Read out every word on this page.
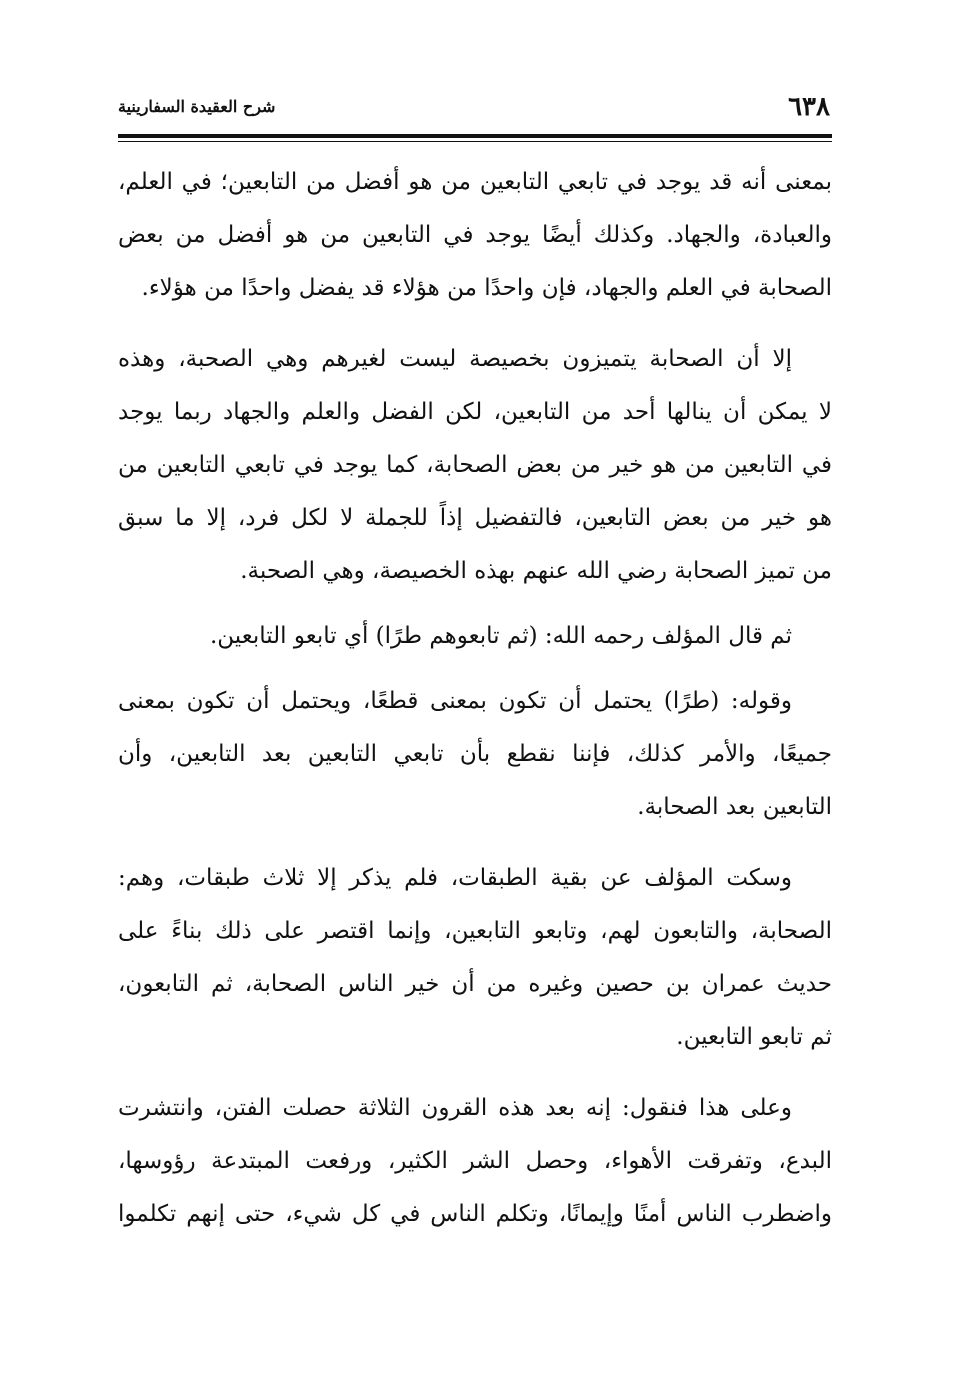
٦٣٨
شرح العقيدة السفارينية
بمعنى أنه قد يوجد في تابعي التابعين من هو أفضل من التابعين؛ في العلم،
والعبادة، والجهاد. وكذلك أيضًا يوجد في التابعين من هو أفضل من بعض
الصحابة في العلم والجهاد، فإن واحدًا من هؤلاء قد يفضل واحدًا من هؤلاء.
إلا أن الصحابة يتميزون بخصيصة ليست لغيرهم وهي الصحبة، وهذه
لا يمكن أن ينالها أحد من التابعين، لكن الفضل والعلم والجهاد ربما يوجد
في التابعين من هو خير من بعض الصحابة، كما يوجد في تابعي التابعين من
هو خير من بعض التابعين، فالتفضيل إذاً للجملة لا لكل فرد، إلا ما سبق
من تميز الصحابة رضي الله عنهم بهذه الخصيصة، وهي الصحبة.
ثم قال المؤلف رحمه الله: (ثم تابعوهم طرًا) أي تابعو التابعين.
وقوله: (طرًا) يحتمل أن تكون بمعنى قطعًا، ويحتمل أن تكون بمعنى
جميعًا، والأمر كذلك، فإننا نقطع بأن تابعي التابعين بعد التابعين، وأن
التابعين بعد الصحابة.
وسكت المؤلف عن بقية الطبقات، فلم يذكر إلا ثلاث طبقات، وهم:
الصحابة، والتابعون لهم، وتابعو التابعين، وإنما اقتصر على ذلك بناءً على
حديث عمران بن حصين وغيره من أن خير الناس الصحابة، ثم التابعون،
ثم تابعو التابعين.
وعلى هذا فنقول: إنه بعد هذه القرون الثلاثة حصلت الفتن، وانتشرت
البدع، وتفرقت الأهواء، وحصل الشر الكثير، ورفعت المبتدعة رؤوسها،
واضطرب الناس أمنًا وإيمانًا، وتكلم الناس في كل شيء، حتى إنهم تكلموا
